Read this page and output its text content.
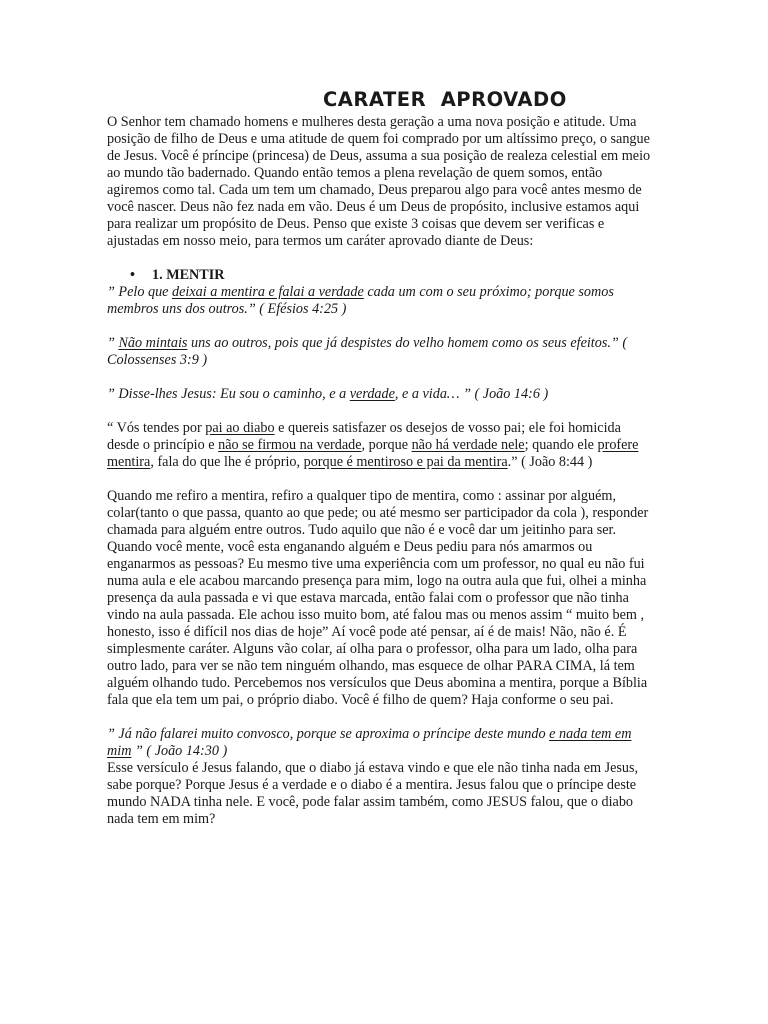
CARATER  APROVADO

O Senhor tem chamado homens e mulheres desta geração a uma nova posição e atitude. Uma posição de filho de Deus e uma atitude de quem foi comprado por um altíssimo preço, o sangue de Jesus. Você é príncipe (princesa) de Deus, assuma a sua posição de realeza celestial em meio ao mundo tão badernado. Quando então temos a plena revelação de quem somos, então agiremos como tal. Cada um tem um chamado, Deus preparou algo para você antes mesmo de você nascer. Deus não fez nada em vão. Deus é um Deus de propósito, inclusive estamos aqui para realizar um propósito de Deus. Penso que existe 3 coisas que devem ser verificas e ajustadas em nosso meio, para termos um caráter aprovado diante de Deus:

• 1. MENTIR

” Pelo que deixai a mentira e falai a verdade cada um com o seu próximo; porque somos membros uns dos outros.” ( Efésios 4:25 )

” Não mintais uns ao outros, pois que já despistes do velho homem como os seus efeitos.” ( Colossenses 3:9 )

” Disse-lhes Jesus: Eu sou o caminho, e a verdade, e a vida… ” ( João 14:6 )

“ Vós tendes por pai ao diabo e quereis satisfazer os desejos de vosso pai; ele foi homicida desde o princípio e não se firmou na verdade, porque não há verdade nele; quando ele profere mentira, fala do que lhe é próprio, porque é mentiroso e pai da mentira.” ( João 8:44 )

Quando me refiro a mentira, refiro a qualquer tipo de mentira, como : assinar por alguém, colar(tanto o que passa, quanto ao que pede; ou até mesmo ser participador da cola ), responder chamada para alguém entre outros. Tudo aquilo que não é e você dar um jeitinho para ser. Quando você mente, você esta enganando alguém e Deus pediu para nós amarmos ou enganarmos as pessoas? Eu mesmo tive uma experiência com um professor, no qual eu não fui numa aula e ele acabou marcando presença para mim, logo na outra aula que fui, olhei a minha presença da aula passada e vi que estava marcada, então falai com o professor que não tinha vindo na aula passada. Ele achou isso muito bom, até falou mas ou menos assim “ muito bem , honesto, isso é difícil nos dias de hoje” Aí você pode até pensar, aí é de mais! Não, não é. É simplesmente caráter. Alguns vão colar, aí olha para o professor, olha para um lado, olha para outro lado, para ver se não tem ninguém olhando, mas esquece de olhar PARA CIMA, lá tem alguém olhando tudo. Percebemos nos versículos que Deus abomina a mentira, porque a Bíblia fala que ela tem um pai, o próprio diabo. Você é filho de quem? Haja conforme o seu pai.

” Já não falarei muito convosco, porque se aproxima o príncipe deste mundo e nada tem em mim ” ( João 14:30 )

Esse versículo é Jesus falando, que o diabo já estava vindo e que ele não tinha nada em Jesus, sabe porque? Porque Jesus é a verdade e o diabo é a mentira. Jesus falou que o príncipe deste mundo NADA tinha nele. E você, pode falar assim também, como JESUS falou, que o diabo nada tem em mim?
